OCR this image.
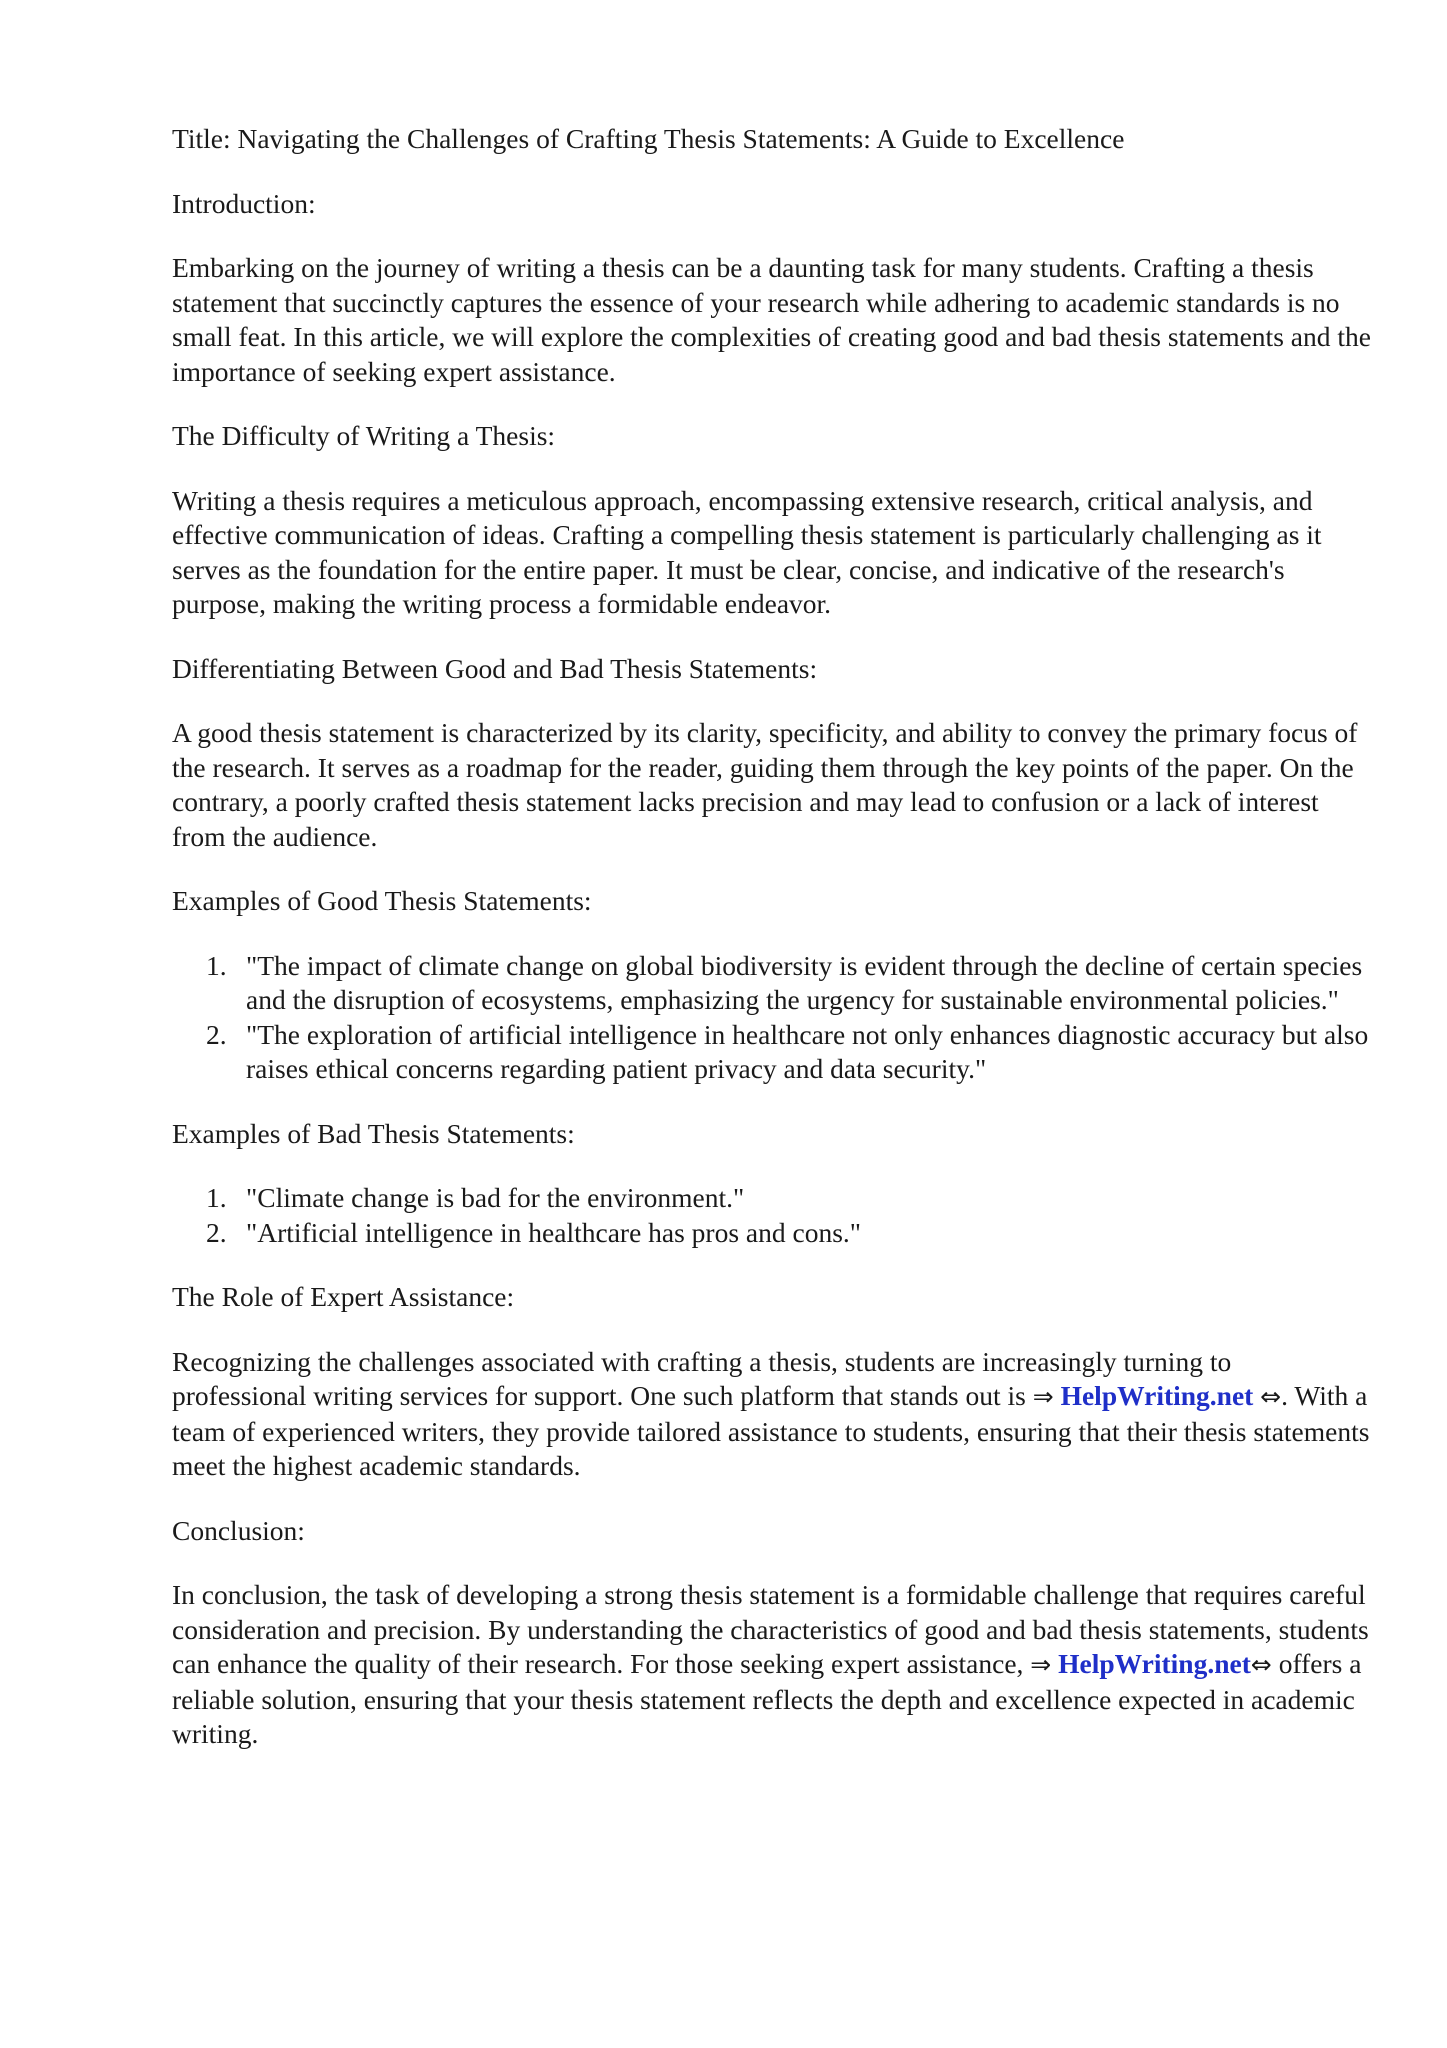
Title: Navigating the Challenges of Crafting Thesis Statements: A Guide to Excellence

Introduction:

Embarking on the journey of writing a thesis can be a daunting task for many students. Crafting a thesis statement that succinctly captures the essence of your research while adhering to academic standards is no small feat. In this article, we will explore the complexities of creating good and bad thesis statements and the importance of seeking expert assistance.

The Difficulty of Writing a Thesis:

Writing a thesis requires a meticulous approach, encompassing extensive research, critical analysis, and effective communication of ideas. Crafting a compelling thesis statement is particularly challenging as it serves as the foundation for the entire paper. It must be clear, concise, and indicative of the research's purpose, making the writing process a formidable endeavor.

Differentiating Between Good and Bad Thesis Statements:

A good thesis statement is characterized by its clarity, specificity, and ability to convey the primary focus of the research. It serves as a roadmap for the reader, guiding them through the key points of the paper. On the contrary, a poorly crafted thesis statement lacks precision and may lead to confusion or a lack of interest from the audience.

Examples of Good Thesis Statements:

1. "The impact of climate change on global biodiversity is evident through the decline of certain species and the disruption of ecosystems, emphasizing the urgency for sustainable environmental policies."
2. "The exploration of artificial intelligence in healthcare not only enhances diagnostic accuracy but also raises ethical concerns regarding patient privacy and data security."

Examples of Bad Thesis Statements:

1. "Climate change is bad for the environment."
2. "Artificial intelligence in healthcare has pros and cons."

The Role of Expert Assistance:

Recognizing the challenges associated with crafting a thesis, students are increasingly turning to professional writing services for support. One such platform that stands out is ⇒ HelpWriting.net ⇔. With a team of experienced writers, they provide tailored assistance to students, ensuring that their thesis statements meet the highest academic standards.

Conclusion:

In conclusion, the task of developing a strong thesis statement is a formidable challenge that requires careful consideration and precision. By understanding the characteristics of good and bad thesis statements, students can enhance the quality of their research. For those seeking expert assistance, ⇒ HelpWriting.net⇔ offers a reliable solution, ensuring that your thesis statement reflects the depth and excellence expected in academic writing.
